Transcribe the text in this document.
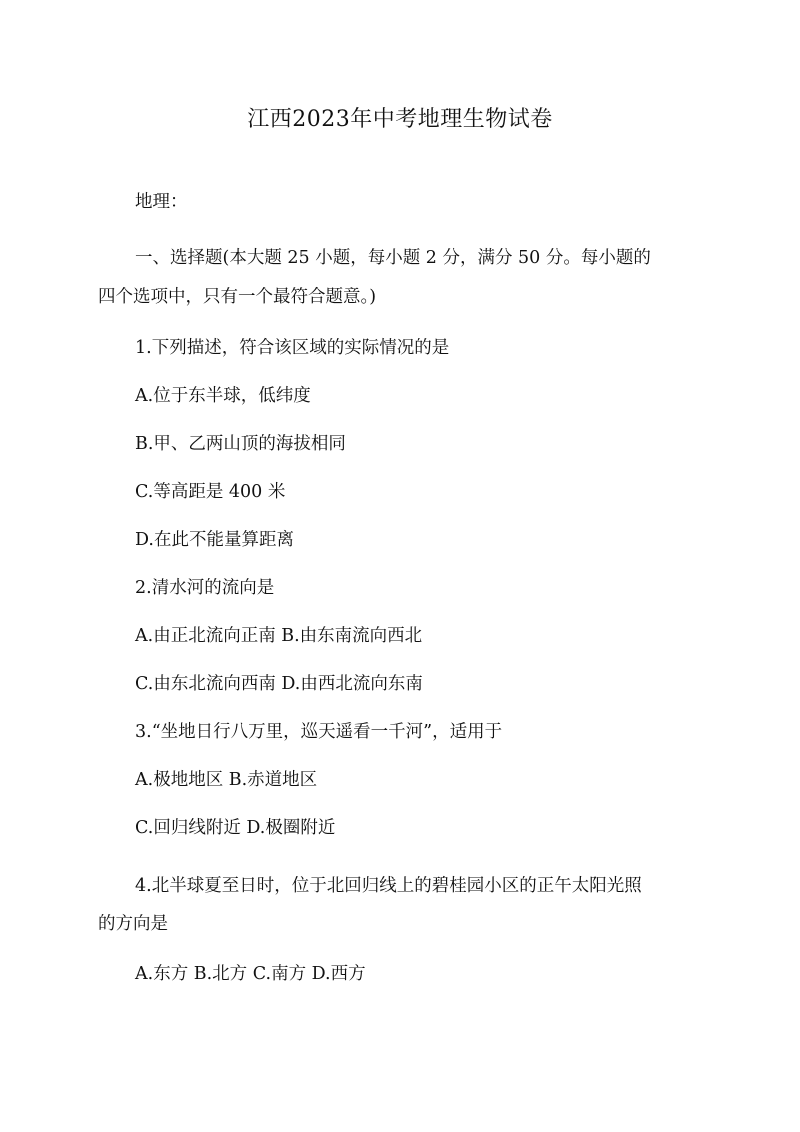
江西2023年中考地理生物试卷
地理：
一、选择题(本大题 25 小题，每小题 2 分，满分 50 分。每小题的
四个选项中，只有一个最符合题意。)
1.下列描述，符合该区域的实际情况的是
A.位于东半球，低纬度
B.甲、乙两山顶的海拔相同
C.等高距是 400 米
D.在此不能量算距离
2.清水河的流向是
A.由正北流向正南 B.由东南流向西北
C.由东北流向西南 D.由西北流向东南
3.“坐地日行八万里，巡天遥看一千河”，适用于
A.极地地区 B.赤道地区
C.回归线附近 D.极圈附近
4.北半球夏至日时，位于北回归线上的碧桂园小区的正午太阳光照
的方向是
A.东方 B.北方 C.南方 D.西方
